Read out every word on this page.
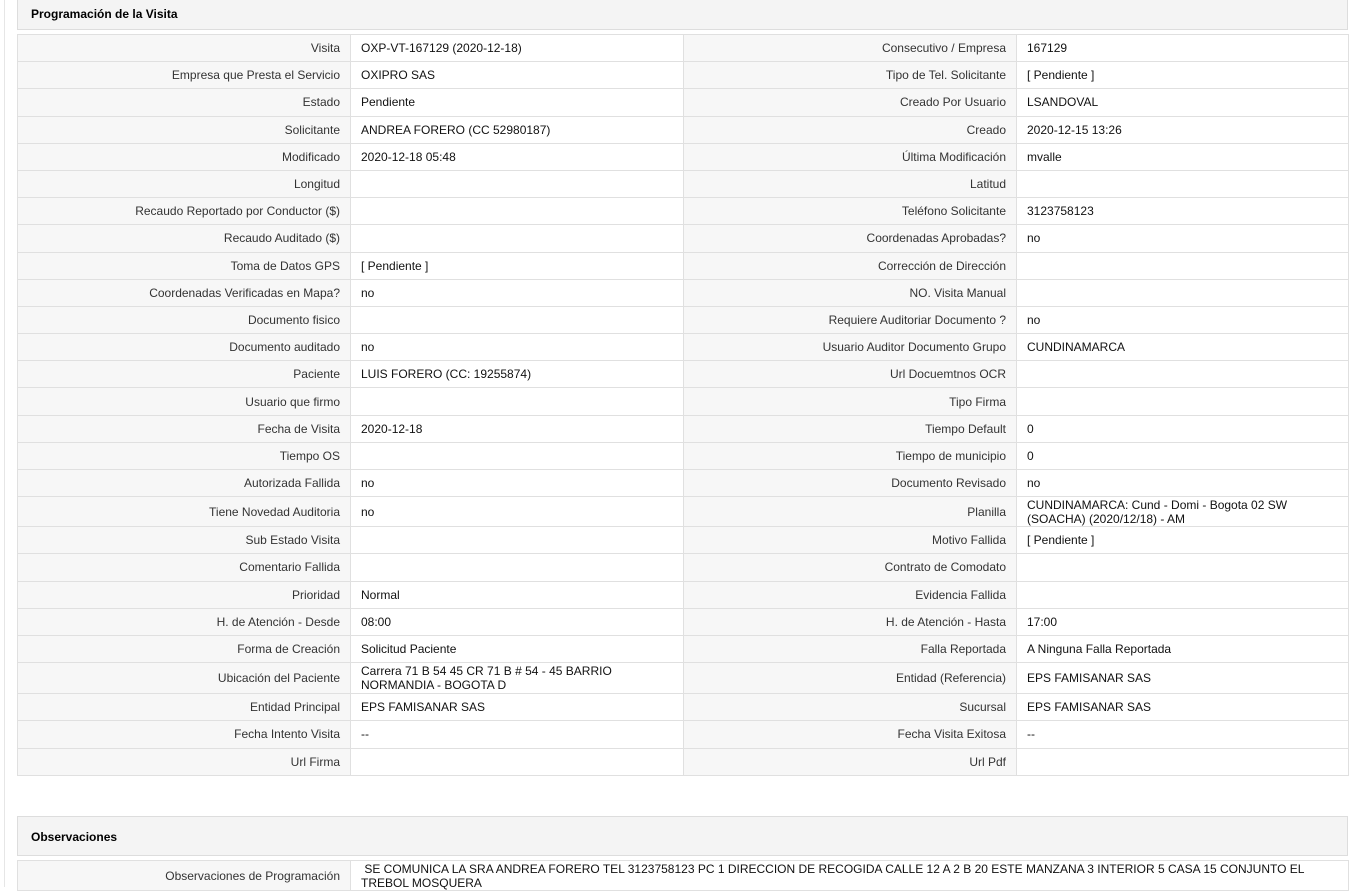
Programación de la Visita
Visita	OXP-VT-167129 (2020-12-18)	Consecutivo / Empresa	167129
Empresa que Presta el Servicio	OXIPRO SAS	Tipo de Tel. Solicitante	[ Pendiente ]
Estado	Pendiente	Creado Por Usuario	LSANDOVAL
Solicitante	ANDREA FORERO (CC 52980187)	Creado	2020-12-15 13:26
Modificado	2020-12-18 05:48	Última Modificación	mvalle
Longitud		Latitud	
Recaudo Reportado por Conductor ($)		Teléfono Solicitante	3123758123
Recaudo Auditado ($)		Coordenadas Aprobadas?	no
Toma de Datos GPS	[ Pendiente ]	Corrección de Dirección	
Coordenadas Verificadas en Mapa?	no	NO. Visita Manual	
Documento fisico		Requiere Auditoriar Documento ?	no
Documento auditado	no	Usuario Auditor Documento Grupo	CUNDINAMARCA
Paciente	LUIS FORERO (CC: 19255874)	Url Docuemtnos OCR	
Usuario que firmo		Tipo Firma	
Fecha de Visita	2020-12-18	Tiempo Default	0
Tiempo OS		Tiempo de municipio	0
Autorizada Fallida	no	Documento Revisado	no
Tiene Novedad Auditoria	no	Planilla	CUNDINAMARCA: Cund - Domi - Bogota 02 SW (SOACHA) (2020/12/18) - AM
Sub Estado Visita		Motivo Fallida	[ Pendiente ]
Comentario Fallida		Contrato de Comodato	
Prioridad	Normal	Evidencia Fallida	
H. de Atención - Desde	08:00	H. de Atención - Hasta	17:00
Forma de Creación	Solicitud Paciente	Falla Reportada	A Ninguna Falla Reportada
Ubicación del Paciente	Carrera 71 B 54 45 CR 71 B # 54 - 45 BARRIO NORMANDIA - BOGOTA D	Entidad (Referencia)	EPS FAMISANAR SAS
Entidad Principal	EPS FAMISANAR SAS	Sucursal	EPS FAMISANAR SAS
Fecha Intento Visita	--	Fecha Visita Exitosa	--
Url Firma		Url Pdf	
Observaciones
Observaciones de Programación	SE COMUNICA LA SRA ANDREA FORERO TEL 3123758123 PC 1 DIRECCION DE RECOGIDA CALLE 12 A 2 B 20 ESTE MANZANA 3 INTERIOR 5 CASA 15 CONJUNTO EL TREBOL MOSQUERA
